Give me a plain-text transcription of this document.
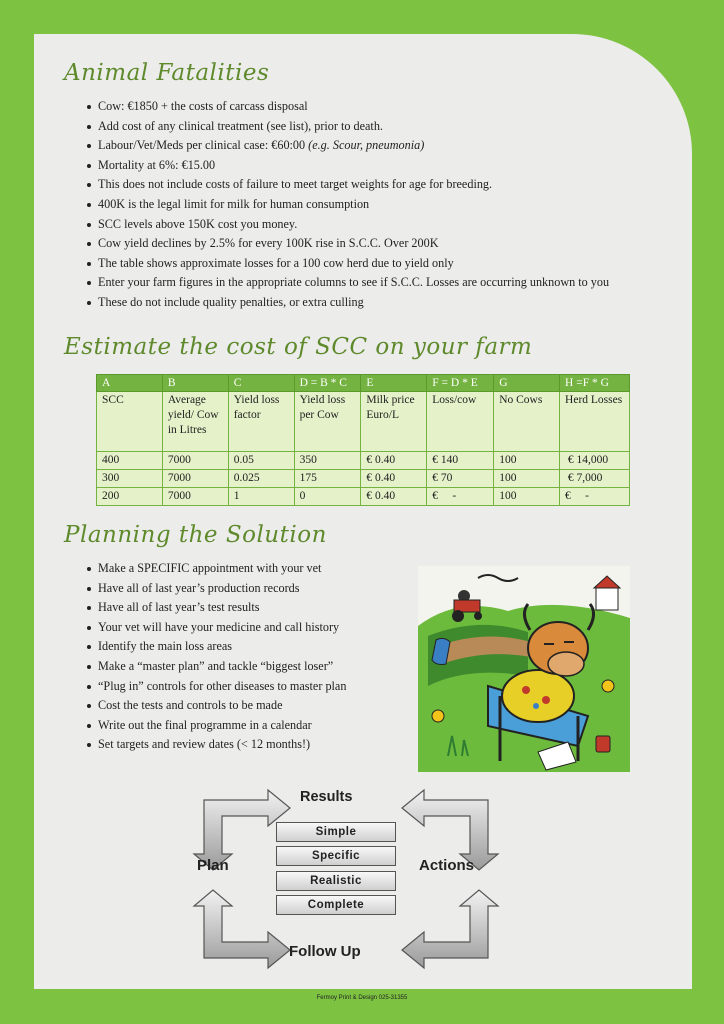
Animal Fatalities
Cow: €1850 + the costs of carcass disposal
Add cost of any clinical treatment (see list), prior to death.
Labour/Vet/Meds per clinical case: €60:00 (e.g. Scour, pneumonia)
Mortality at 6%: €15.00
This does not include costs of failure to meet target weights for age for breeding.
400K is the legal limit for milk for human consumption
SCC levels above 150K cost you money.
Cow yield declines by 2.5% for every 100K rise in S.C.C. Over 200K
The table shows approximate losses for a 100 cow herd due to yield only
Enter your farm figures in the appropriate columns to see if S.C.C. Losses are occurring unknown to you
These do not include quality penalties, or extra culling
Estimate the cost of SCC on your farm
A	B	C	D = B * C	E	F = D * E	G	H =F * G
SCC	Average yield/ Cow in Litres	Yield loss factor	Yield loss per Cow	Milk price Euro/L	Loss/cow	No Cows	Herd Losses
400	7000	0.05	350	€ 0.40	€ 140	100	€ 14,000
300	7000	0.025	175	€ 0.40	€ 70	100	€ 7,000
200	7000	1	0	€ 0.40	€     -	100	€     -
Planning the Solution
Make a SPECIFIC appointment with your vet
Have all of last year’s production records
Have all of last year’s test results
Your vet will have your medicine and call history
Identify the main loss areas
Make a “master plan” and tackle “biggest loser”
“Plug in” controls for other diseases to master plan
Cost the tests and controls to be made
Write out the final programme in a calendar
Set targets and review dates (< 12 months!)
Results
Plan	Actions
Follow Up
Simple
Specific
Realistic
Complete
Fermoy Print & Design 025-31355
